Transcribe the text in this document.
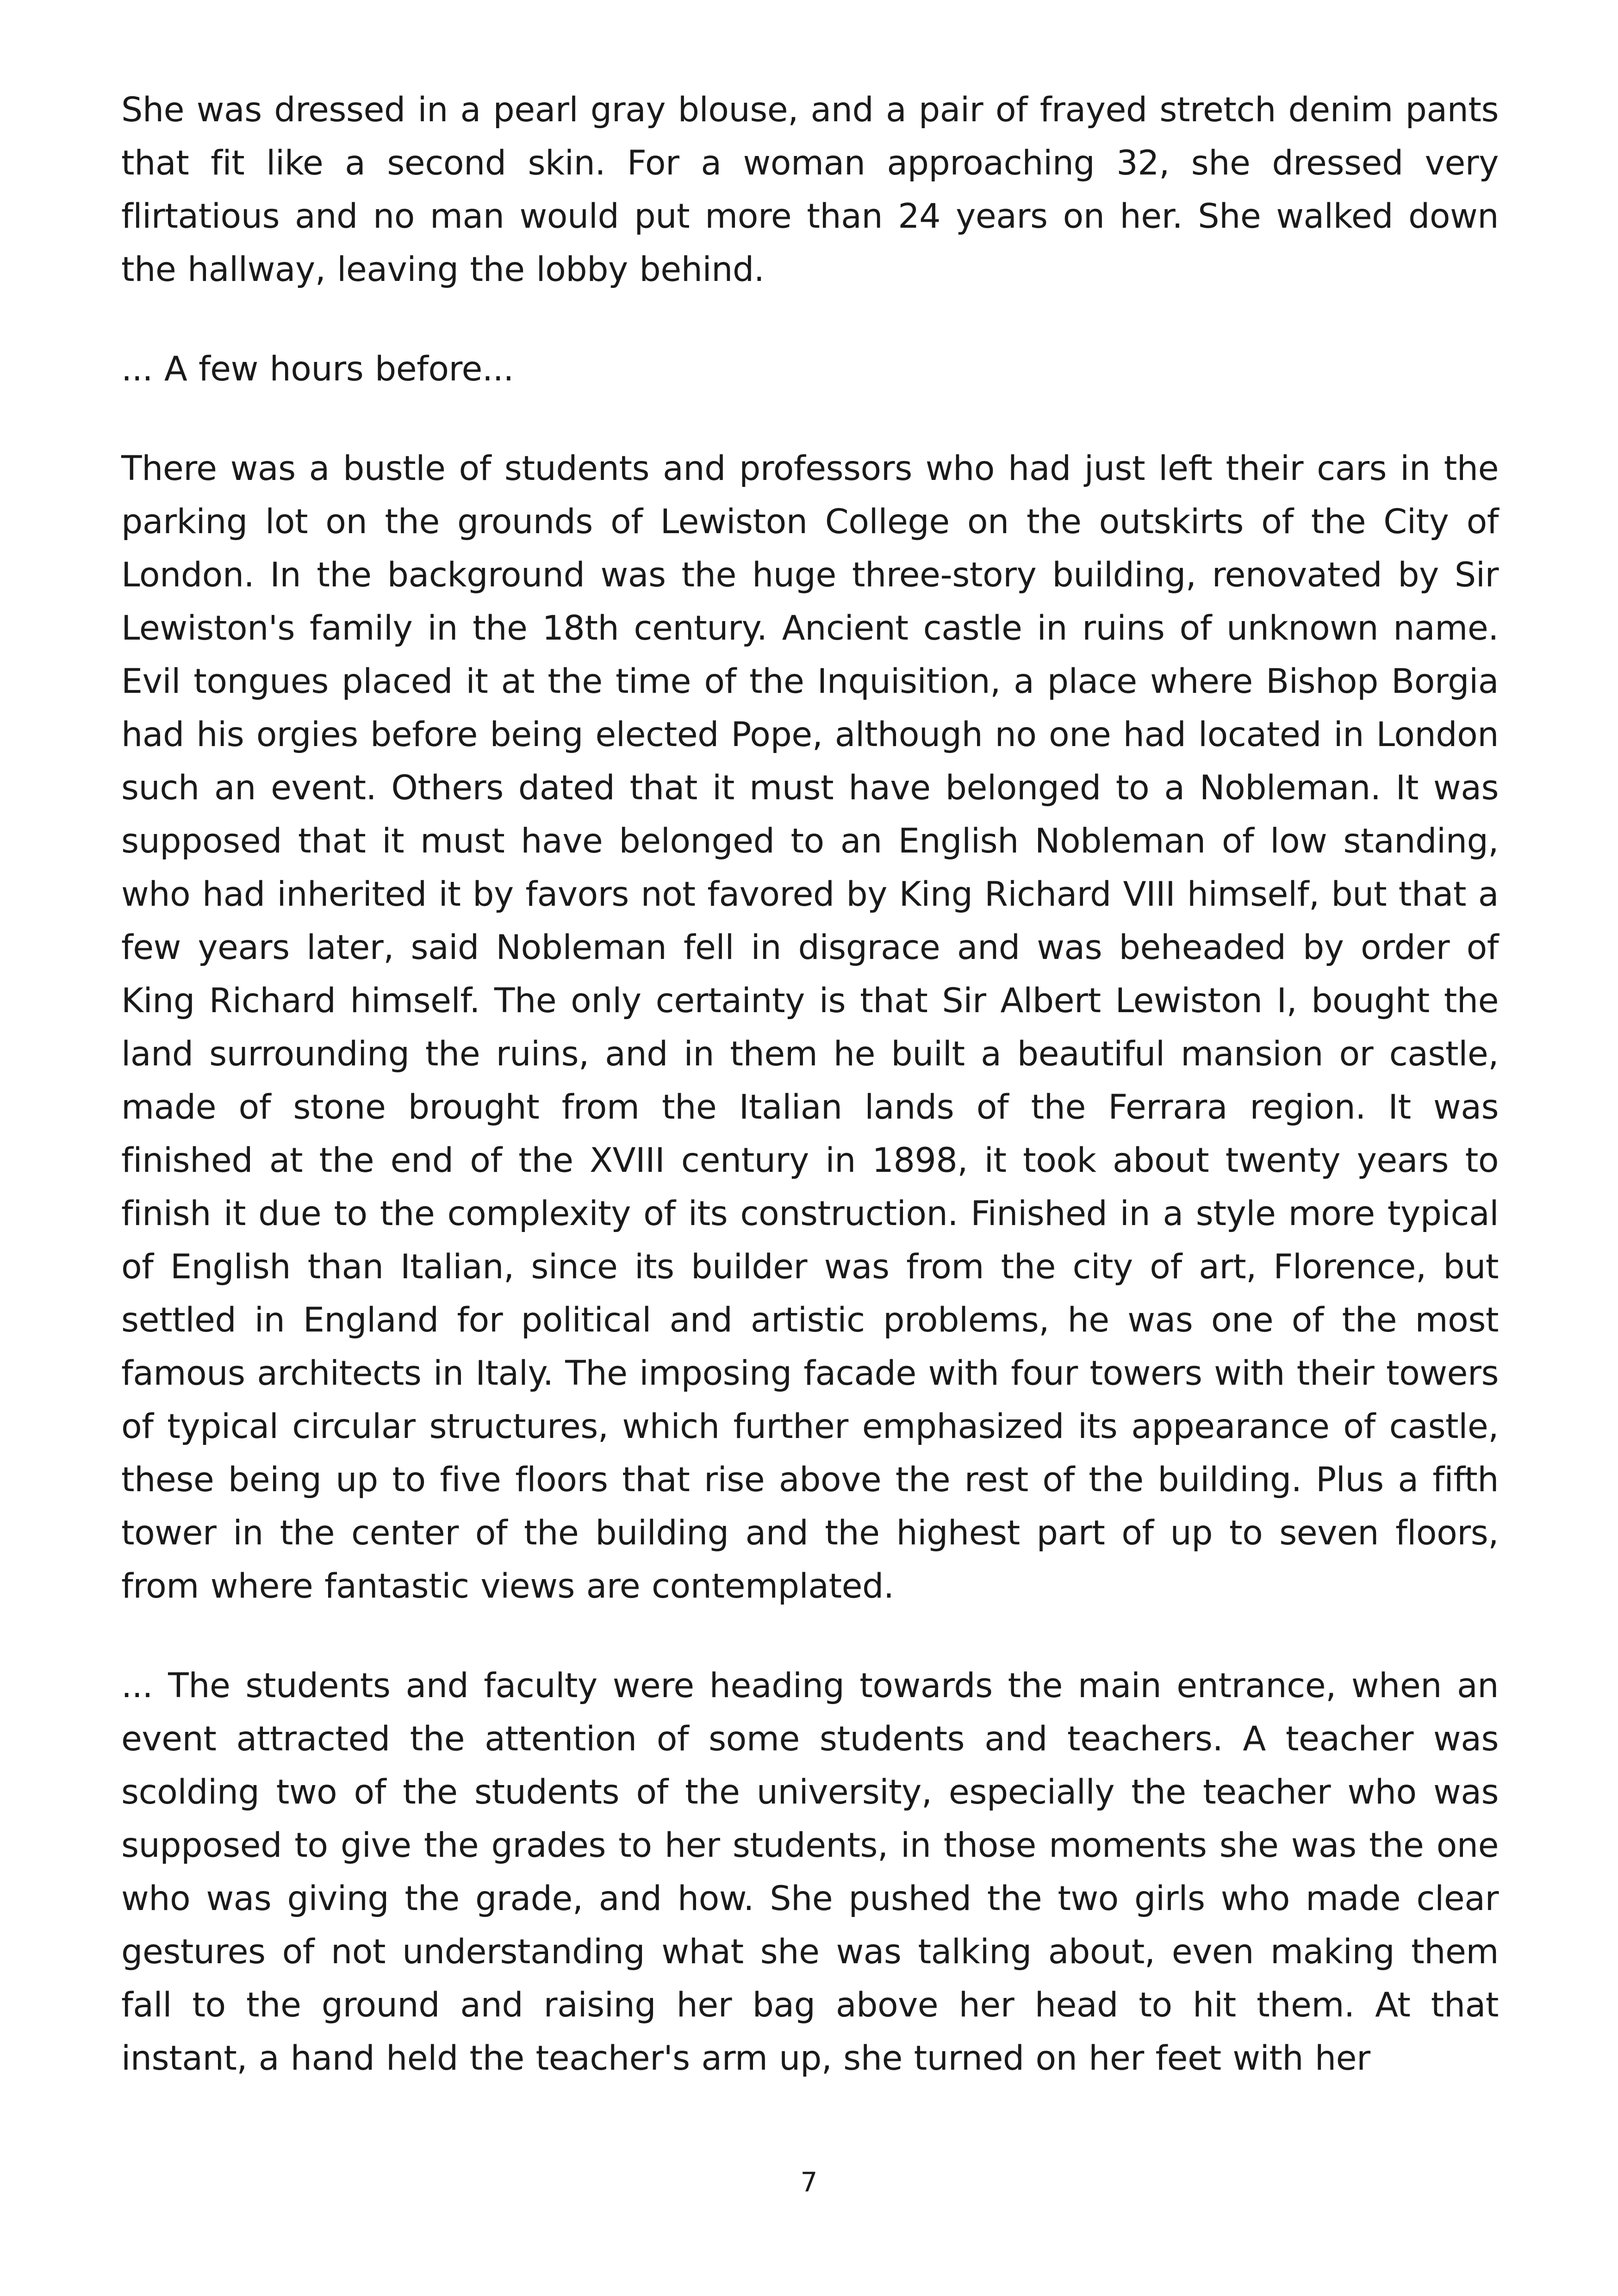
She was dressed in a pearl gray blouse, and a pair of frayed stretch denim pants that fit like a second skin. For a woman approaching 32, she dressed very flirtatious and no man would put more than 24 years on her. She walked down the hallway, leaving the lobby behind.

... A few hours before...

There was a bustle of students and professors who had just left their cars in the parking lot on the grounds of Lewiston College on the outskirts of the City of London. In the background was the huge three-story building, renovated by Sir Lewiston's family in the 18th century. Ancient castle in ruins of unknown name. Evil tongues placed it at the time of the Inquisition, a place where Bishop Borgia had his orgies before being elected Pope, although no one had located in London such an event. Others dated that it must have belonged to a Nobleman. It was supposed that it must have belonged to an English Nobleman of low standing, who had inherited it by favors not favored by King Richard VIII himself, but that a few years later, said Nobleman fell in disgrace and was beheaded by order of King Richard himself. The only certainty is that Sir Albert Lewiston I, bought the land surrounding the ruins, and in them he built a beautiful mansion or castle, made of stone brought from the Italian lands of the Ferrara region. It was finished at the end of the XVIII century in 1898, it took about twenty years to finish it due to the complexity of its construction. Finished in a style more typical of English than Italian, since its builder was from the city of art, Florence, but settled in England for political and artistic problems, he was one of the most famous architects in Italy. The imposing facade with four towers with their towers of typical circular structures, which further emphasized its appearance of castle, these being up to five floors that rise above the rest of the building. Plus a fifth tower in the center of the building and the highest part of up to seven floors, from where fantastic views are contemplated.

... The students and faculty were heading towards the main entrance, when an event attracted the attention of some students and teachers. A teacher was scolding two of the students of the university, especially the teacher who was supposed to give the grades to her students, in those moments she was the one who was giving the grade, and how. She pushed the two girls who made clear gestures of not understanding what she was talking about, even making them fall to the ground and raising her bag above her head to hit them. At that instant, a hand held the teacher's arm up, she turned on her feet with her

7
